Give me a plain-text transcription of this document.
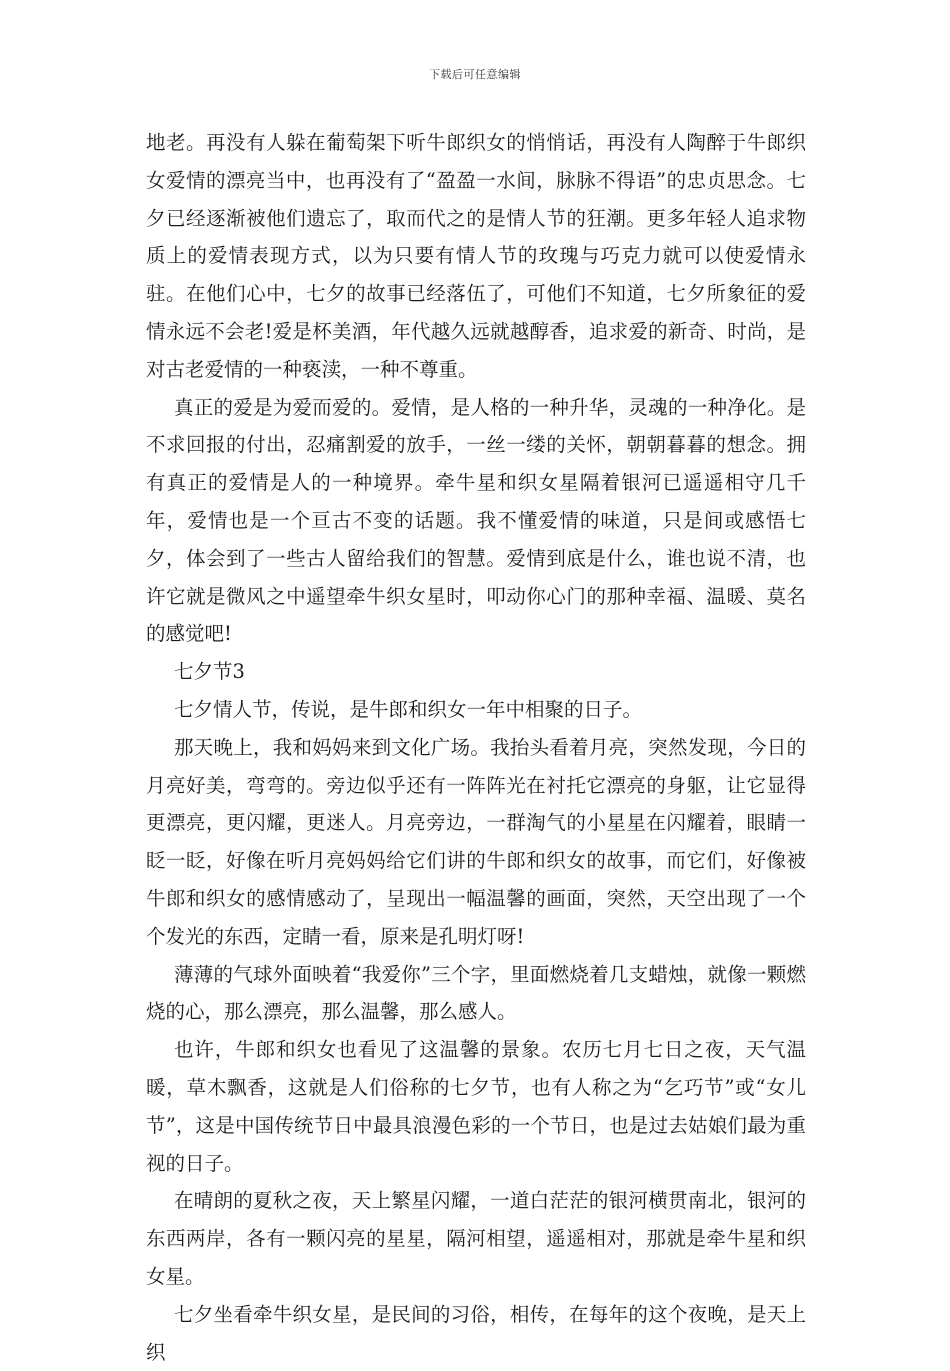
下载后可任意编辑

地老。再没有人躲在葡萄架下听牛郎织女的悄悄话，再没有人陶醉于牛郎织女爱情的漂亮当中，也再没有了“盈盈一水间，脉脉不得语”的忠贞思念。七夕已经逐渐被他们遗忘了，取而代之的是情人节的狂潮。更多年轻人追求物质上的爱情表现方式，以为只要有情人节的玫瑰与巧克力就可以使爱情永驻。在他们心中，七夕的故事已经落伍了，可他们不知道，七夕所象征的爱情永远不会老!爱是杯美酒，年代越久远就越醇香，追求爱的新奇、时尚，是对古老爱情的一种亵渎，一种不尊重。

真正的爱是为爱而爱的。爱情，是人格的一种升华，灵魂的一种净化。是不求回报的付出，忍痛割爱的放手，一丝一缕的关怀，朝朝暮暮的想念。拥有真正的爱情是人的一种境界。牵牛星和织女星隔着银河已遥遥相守几千年，爱情也是一个亘古不变的话题。我不懂爱情的味道，只是间或感悟七夕，体会到了一些古人留给我们的智慧。爱情到底是什么，谁也说不清，也许它就是微风之中遥望牵牛织女星时，叩动你心门的那种幸福、温暖、莫名的感觉吧!

七夕节3

七夕情人节，传说，是牛郎和织女一年中相聚的日子。

那天晚上，我和妈妈来到文化广场。我抬头看着月亮，突然发现，今日的月亮好美，弯弯的。旁边似乎还有一阵阵光在衬托它漂亮的身躯，让它显得更漂亮，更闪耀，更迷人。月亮旁边，一群淘气的小星星在闪耀着，眼睛一眨一眨，好像在听月亮妈妈给它们讲的牛郎和织女的故事，而它们，好像被牛郎和织女的感情感动了，呈现出一幅温馨的画面，突然，天空出现了一个个发光的东西，定睛一看，原来是孔明灯呀!

薄薄的气球外面映着“我爱你”三个字，里面燃烧着几支蜡烛，就像一颗燃烧的心，那么漂亮，那么温馨，那么感人。

也许，牛郎和织女也看见了这温馨的景象。农历七月七日之夜，天气温暖，草木飘香，这就是人们俗称的七夕节，也有人称之为“乞巧节”或“女儿节”，这是中国传统节日中最具浪漫色彩的一个节日，也是过去姑娘们最为重视的日子。

在晴朗的夏秋之夜，天上繁星闪耀，一道白茫茫的银河横贯南北，银河的东西两岸，各有一颗闪亮的星星，隔河相望，遥遥相对，那就是牵牛星和织女星。

七夕坐看牵牛织女星，是民间的习俗，相传，在每年的这个夜晚，是天上织
